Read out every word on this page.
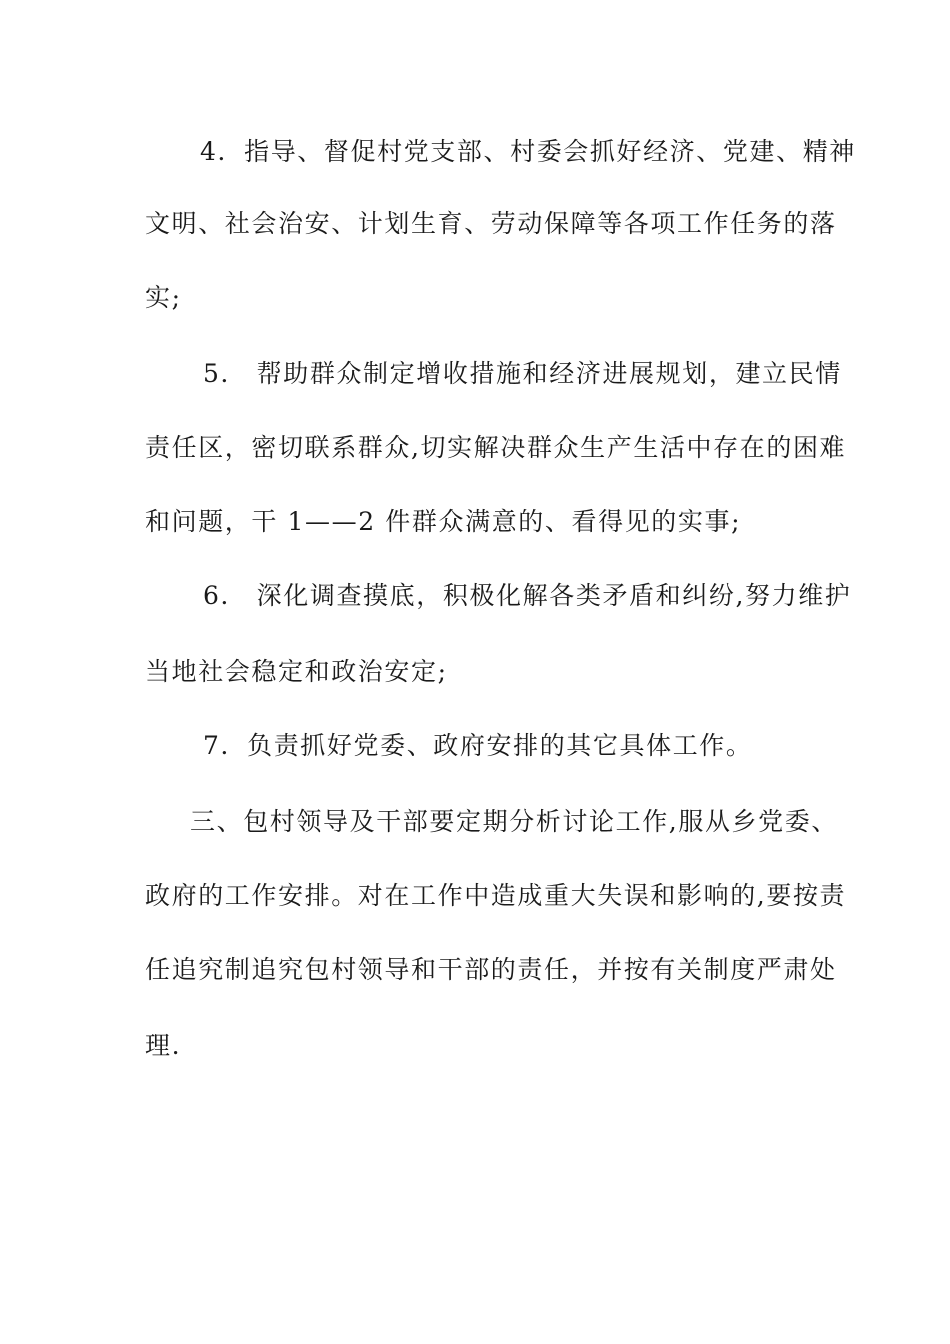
4．指导、督促村党支部、村委会抓好经济、党建、精神
文明、社会治安、计划生育、劳动保障等各项工作任务的落
实;
5． 帮助群众制定增收措施和经济进展规划，建立民情
责任区，密切联系群众,切实解决群众生产生活中存在的困难
和问题，干 1——2 件群众满意的、看得见的实事;
6． 深化调查摸底，积极化解各类矛盾和纠纷,努力维护
当地社会稳定和政治安定;
7．负责抓好党委、政府安排的其它具体工作。
三、包村领导及干部要定期分析讨论工作,服从乡党委、
政府的工作安排。对在工作中造成重大失误和影响的,要按责
任追究制追究包村领导和干部的责任，并按有关制度严肃处
理.
